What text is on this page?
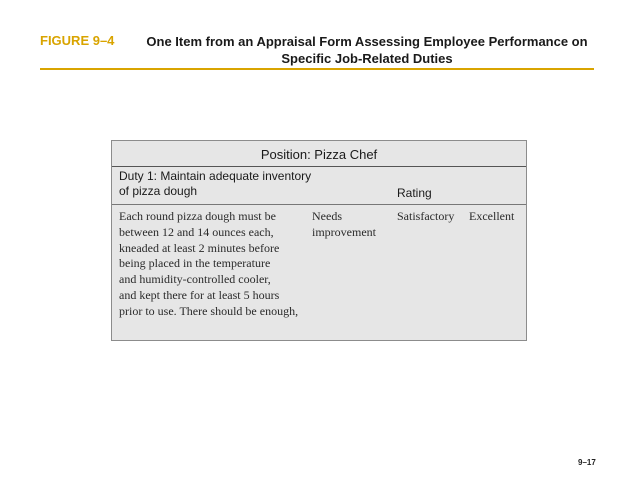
FIGURE 9–4	One Item from an Appraisal Form Assessing Employee Performance on Specific Job-Related Duties
Position: Pizza Chef
Duty 1: Maintain adequate inventory of pizza dough	Rating
Each round pizza dough must be
between 12 and 14 ounces each,
kneaded at least 2 minutes before
being placed in the temperature
and humidity-controlled cooler,
and kept there for at least 5 hours
prior to use. There should be enough,
Needs improvement
Satisfactory Excellent
9–17
